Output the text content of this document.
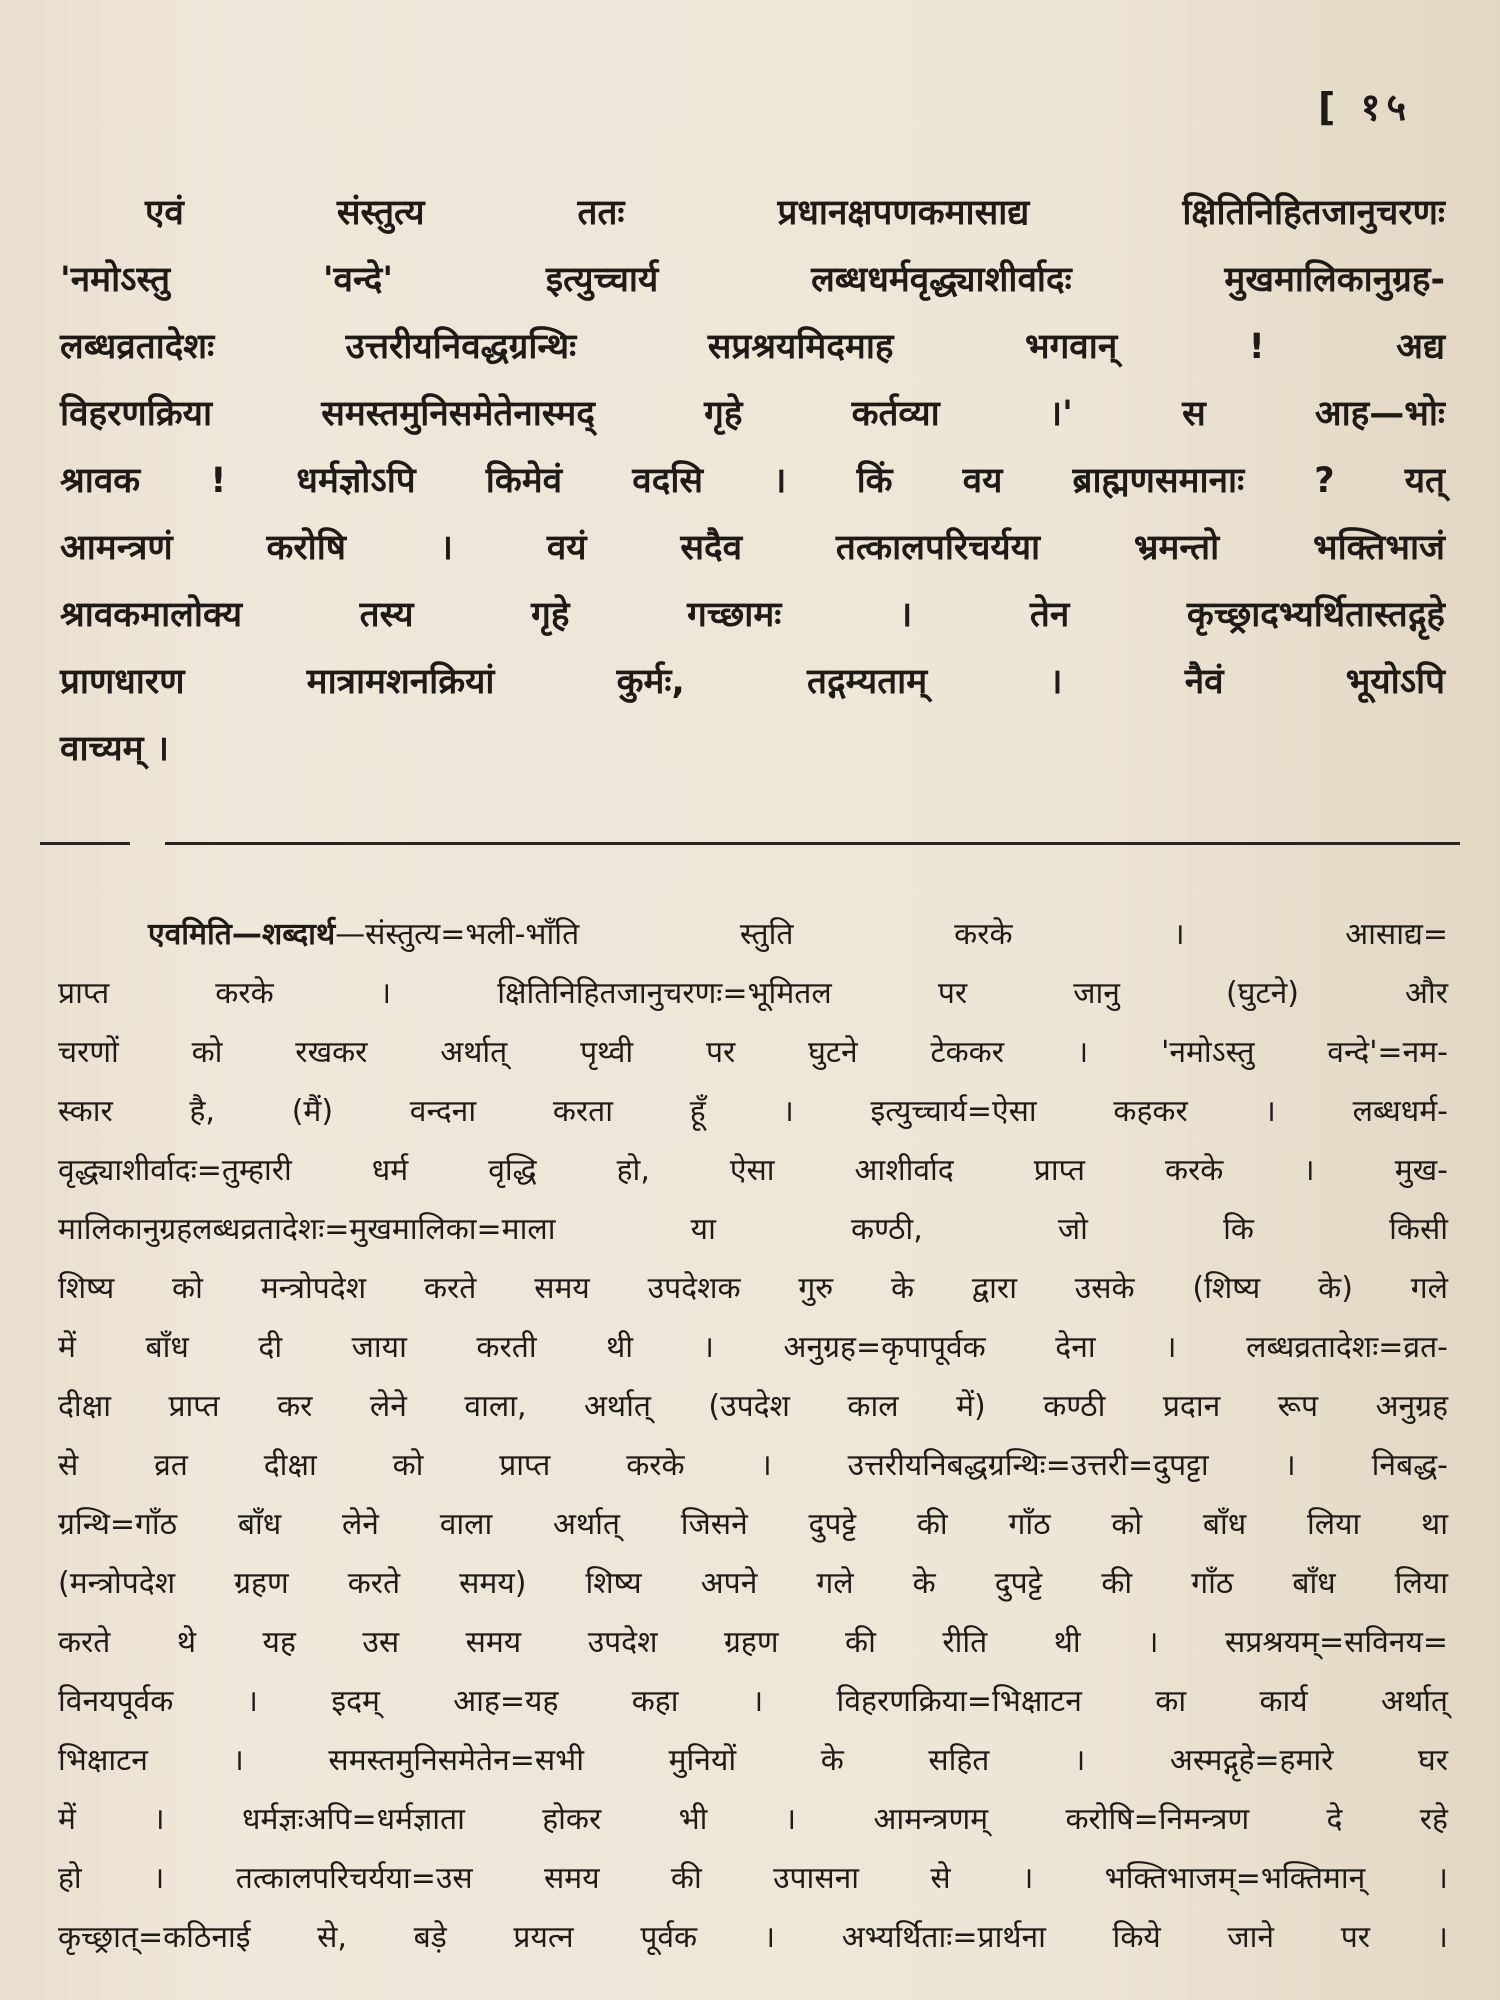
[ १५
एवं संस्तुत्य ततः प्रधानक्षपणकमासाद्य क्षितिनिहितजानुचरणः
'नमोऽस्तु 'वन्दे' इत्युच्चार्य लब्धधर्मवृद्ध्याशीर्वादः मुखमालिकानुग्रह-
लब्धव्रतादेशः उत्तरीयनिवद्धग्रन्थिः सप्रश्रयमिदमाह भगवान् ! अद्य
विहरणक्रिया समस्तमुनिसमेतेनास्मद् गृहे कर्तव्या ।' स आह—भोः
श्रावक ! धर्मज्ञोऽपि किमेवं वदसि । किं वय ब्राह्मणसमानाः ? यत्
आमन्त्रणं करोषि । वयं सदैव तत्कालपरिचर्यया भ्रमन्तो भक्तिभाजं
श्रावकमालोक्य तस्य गृहे गच्छामः । तेन कृच्छ्रादभ्यर्थितास्तद्गृहे
प्राणधारण मात्रामशनक्रियां कुर्मः, तद्गम्यताम् । नैवं भूयोऽपि
वाच्यम् ।
एवमिति—शब्दार्थ—संस्तुत्य=भली-भाँति स्तुति करके । आसाद्य=
प्राप्त करके । क्षितिनिहितजानुचरणः=भूमितल पर जानु (घुटने) और
चरणों को रखकर अर्थात् पृथ्वी पर घुटने टेककर । 'नमोऽस्तु वन्दे'=नम-
स्कार है, (मैं) वन्दना करता हूँ । इत्युच्चार्य=ऐसा कहकर । लब्धधर्म-
वृद्ध्याशीर्वादः=तुम्हारी धर्म वृद्धि हो, ऐसा आशीर्वाद प्राप्त करके । मुख-
मालिकानुग्रहलब्धव्रतादेशः=मुखमालिका=माला या कण्ठी, जो कि किसी
शिष्य को मन्त्रोपदेश करते समय उपदेशक गुरु के द्वारा उसके (शिष्य के) गले
में बाँध दी जाया करती थी । अनुग्रह=कृपापूर्वक देना । लब्धव्रतादेशः=व्रत-
दीक्षा प्राप्त कर लेने वाला, अर्थात् (उपदेश काल में) कण्ठी प्रदान रूप अनुग्रह
से व्रत दीक्षा को प्राप्त करके । उत्तरीयनिबद्धग्रन्थिः=उत्तरी=दुपट्टा । निबद्ध-
ग्रन्थि=गाँठ बाँध लेने वाला अर्थात् जिसने दुपट्टे की गाँठ को बाँध लिया था
(मन्त्रोपदेश ग्रहण करते समय) शिष्य अपने गले के दुपट्टे की गाँठ बाँध लिया
करते थे यह उस समय उपदेश ग्रहण की रीति थी । सप्रश्रयम्=सविनय=
विनयपूर्वक । इदम् आह=यह कहा । विहरणक्रिया=भिक्षाटन का कार्य अर्थात्
भिक्षाटन । समस्तमुनिसमेतेन=सभी मुनियों के सहित । अस्मद्गृहे=हमारे घर
में । धर्मज्ञःअपि=धर्मज्ञाता होकर भी । आमन्त्रणम् करोषि=निमन्त्रण दे रहे
हो । तत्कालपरिचर्यया=उस समय की उपासना से । भक्तिभाजम्=भक्तिमान् ।
कृच्छ्रात्=कठिनाई से, बड़े प्रयत्न पूर्वक । अभ्यर्थिताः=प्रार्थना किये जाने पर ।
